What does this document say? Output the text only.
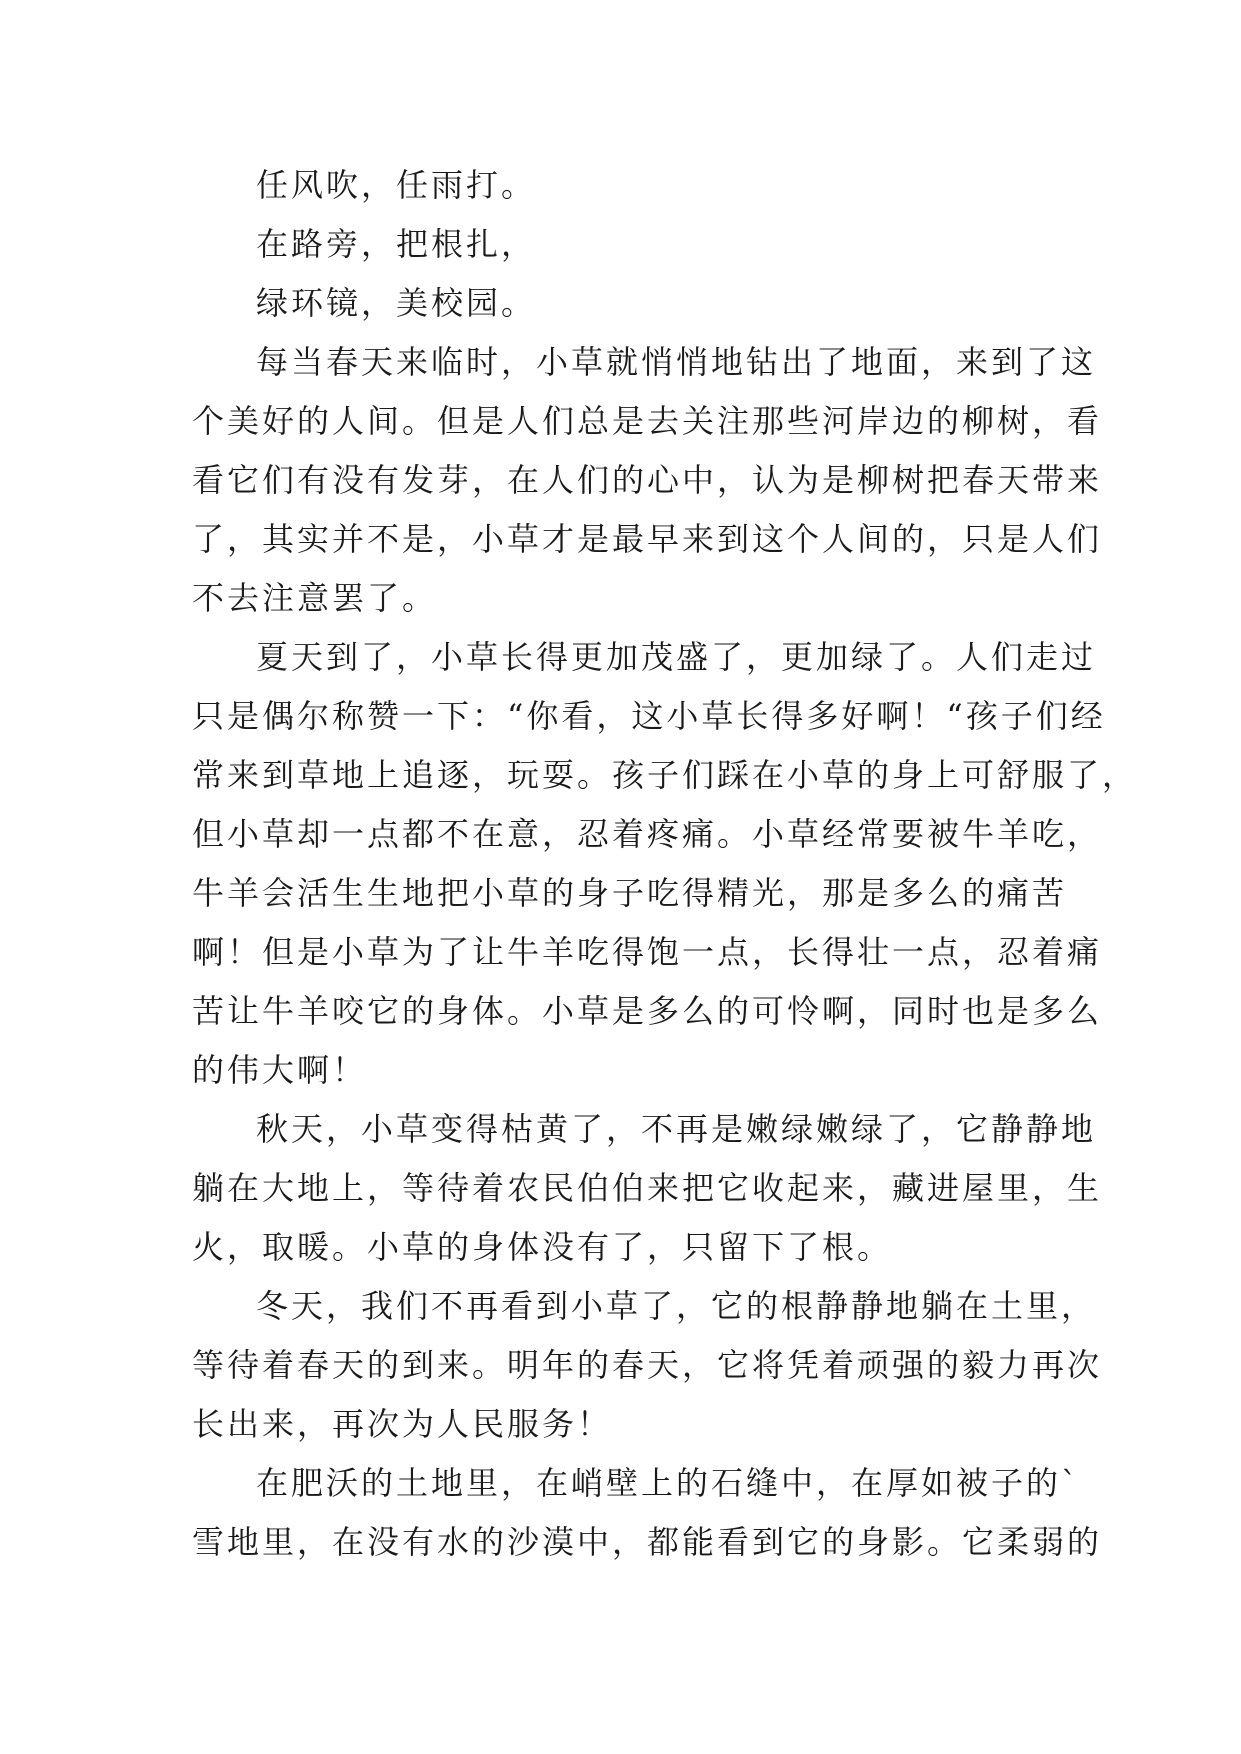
任风吹，任雨打。

在路旁，把根扎，

绿环镜，美校园。

每当春天来临时，小草就悄悄地钻出了地面，来到了这
个美好的人间。但是人们总是去关注那些河岸边的柳树，看
看它们有没有发芽，在人们的心中，认为是柳树把春天带来
了，其实并不是，小草才是最早来到这个人间的，只是人们
不去注意罢了。

夏天到了，小草长得更加茂盛了，更加绿了。人们走过
只是偶尔称赞一下：“你看，这小草长得多好啊！“孩子们经
常来到草地上追逐，玩耍。孩子们踩在小草的身上可舒服了，
但小草却一点都不在意，忍着疼痛。小草经常要被牛羊吃，
牛羊会活生生地把小草的身子吃得精光，那是多么的痛苦
啊！但是小草为了让牛羊吃得饱一点，长得壮一点，忍着痛
苦让牛羊咬它的身体。小草是多么的可怜啊，同时也是多么
的伟大啊！

秋天，小草变得枯黄了，不再是嫩绿嫩绿了，它静静地
躺在大地上，等待着农民伯伯来把它收起来，藏进屋里，生
火，取暖。小草的身体没有了，只留下了根。

冬天，我们不再看到小草了，它的根静静地躺在土里，
等待着春天的到来。明年的春天，它将凭着顽强的毅力再次
长出来，再次为人民服务！

在肥沃的土地里，在峭壁上的石缝中，在厚如被子的`
雪地里，在没有水的沙漠中，都能看到它的身影。它柔弱的
